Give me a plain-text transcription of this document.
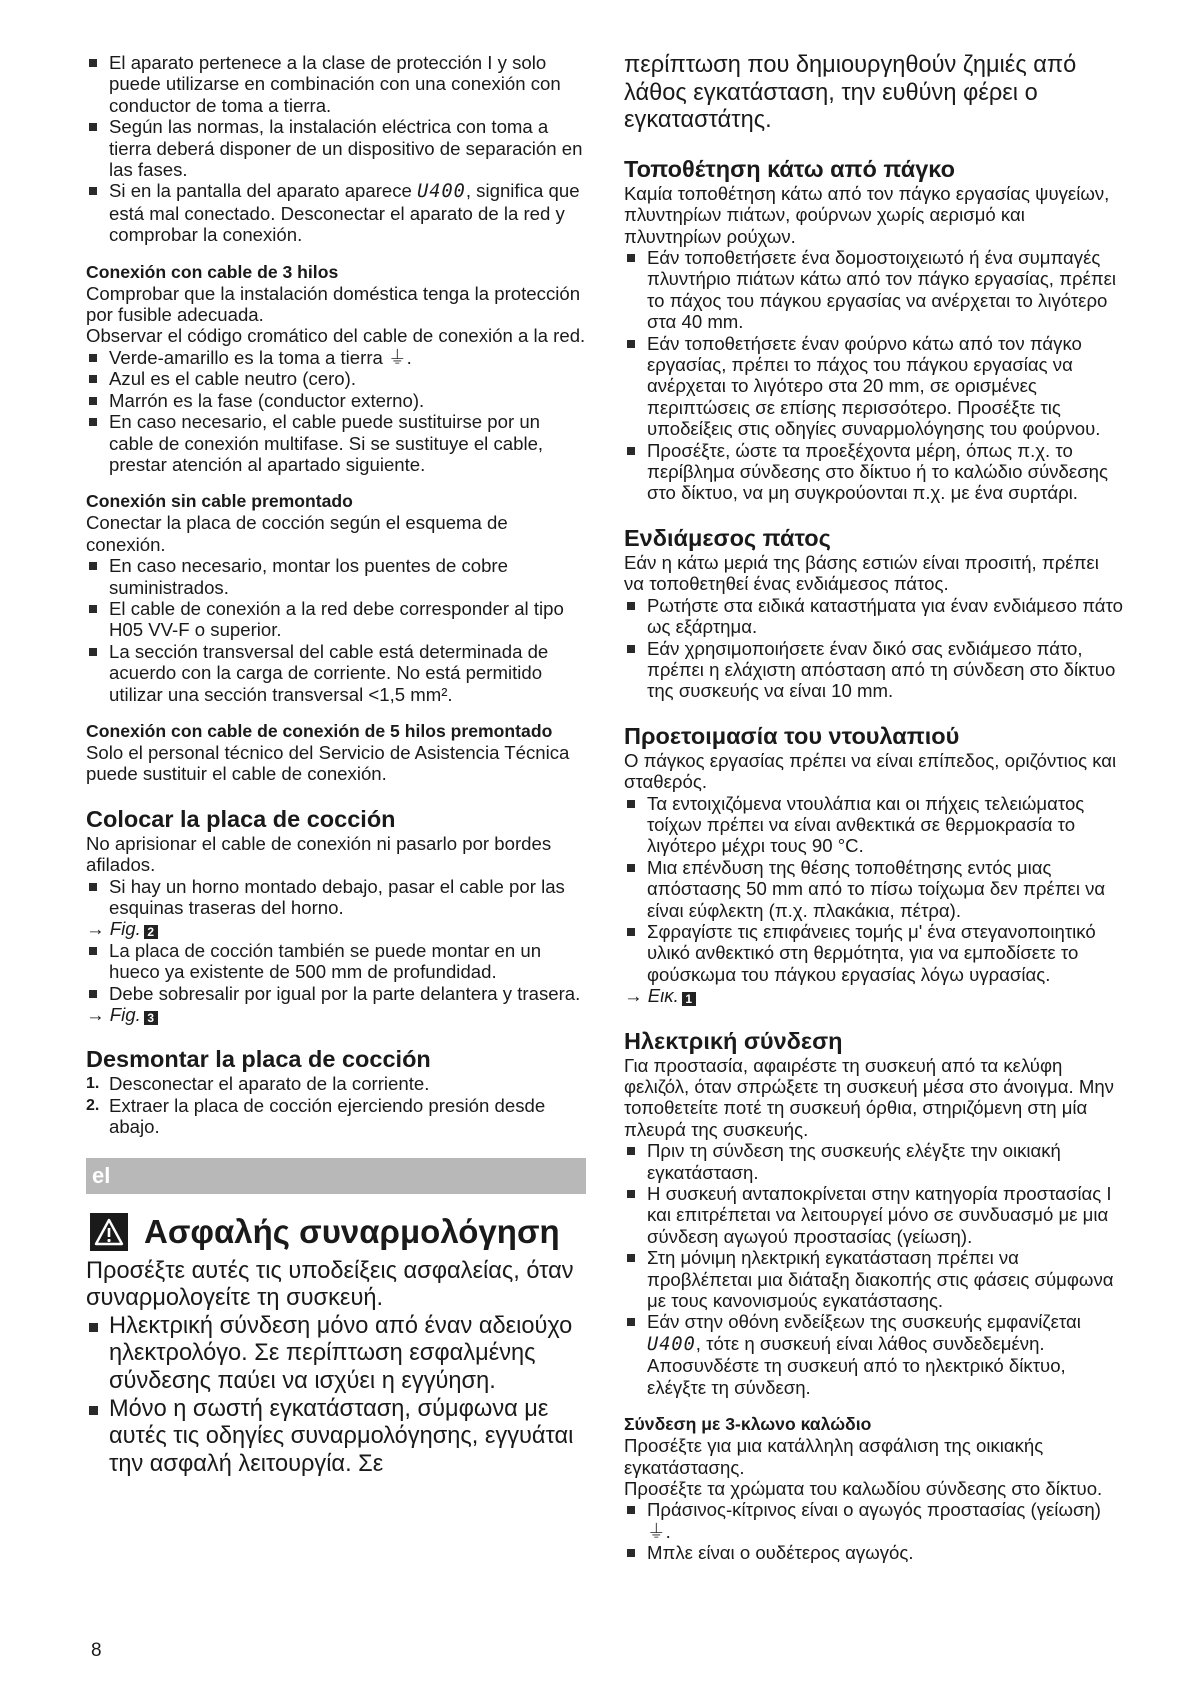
El aparato pertenece a la clase de protección I y solo puede utilizarse en combinación con una conexión con conductor de toma a tierra.
Según las normas, la instalación eléctrica con toma a tierra deberá disponer de un dispositivo de separación en las fases.
Si en la pantalla del aparato aparece U400, significa que está mal conectado. Desconectar el aparato de la red y comprobar la conexión.
Conexión con cable de 3 hilos

Comprobar que la instalación doméstica tenga la protección por fusible adecuada.

Observar el código cromático del cable de conexión a la red.

Verde-amarillo es la toma a tierra ⏚.
Azul es el cable neutro (cero).
Marrón es la fase (conductor externo).
En caso necesario, el cable puede sustituirse por un cable de conexión multifase. Si se sustituye el cable, prestar atención al apartado siguiente.
Conexión sin cable premontado

Conectar la placa de cocción según el esquema de conexión.

En caso necesario, montar los puentes de cobre suministrados.
El cable de conexión a la red debe corresponder al tipo H05 VV-F o superior.
La sección transversal del cable está determinada de acuerdo con la carga de corriente. No está permitido utilizar una sección transversal <1,5 mm².
Conexión con cable de conexión de 5 hilos premontado

Solo el personal técnico del Servicio de Asistencia Técnica puede sustituir el cable de conexión.

Colocar la placa de cocción

No aprisionar el cable de conexión ni pasarlo por bordes afilados.

Si hay un horno montado debajo, pasar el cable por las esquinas traseras del horno.

→ Fig. 2

La placa de cocción también se puede montar en un hueco ya existente de 500 mm de profundidad.
Debe sobresalir por igual por la parte delantera y trasera.

→ Fig. 3

Desmontar la placa de cocción
1. Desconectar el aparato de la corriente.
2. Extraer la placa de cocción ejerciendo presión desde abajo.
el
Ασφαλής συναρμολόγηση

Προσέξτε αυτές τις υποδείξεις ασφαλείας, όταν συναρμολογείτε τη συσκευή.

Ηλεκτρική σύνδεση μόνο από έναν αδειούχο ηλεκτρολόγο. Σε περίπτωση εσφαλμένης σύνδεσης παύει να ισχύει η εγγύηση.
Μόνο η σωστή εγκατάσταση, σύμφωνα με αυτές τις οδηγίες συναρμολόγησης, εγγυάται την ασφαλή λειτουργία. Σε

περίπτωση που δημιουργηθούν ζημιές από λάθος εγκατάσταση, την ευθύνη φέρει ο εγκαταστάτης.

Τοποθέτηση κάτω από πάγκο

Καμία τοποθέτηση κάτω από τον πάγκο εργασίας ψυγείων, πλυντηρίων πιάτων, φούρνων χωρίς αερισμό και πλυντηρίων ρούχων.

Εάν τοποθετήσετε ένα δομοστοιχειωτό ή ένα συμπαγές πλυντήριο πιάτων κάτω από τον πάγκο εργασίας, πρέπει το πάχος του πάγκου εργασίας να ανέρχεται το λιγότερο στα 40 mm.
Εάν τοποθετήσετε έναν φούρνο κάτω από τον πάγκο εργασίας, πρέπει το πάχος του πάγκου εργασίας να ανέρχεται το λιγότερο στα 20 mm, σε ορισμένες περιπτώσεις σε επίσης περισσότερο. Προσέξτε τις υποδείξεις στις οδηγίες συναρμολόγησης του φούρνου.
Προσέξτε, ώστε τα προεξέχοντα μέρη, όπως π.χ. το περίβλημα σύνδεσης στο δίκτυο ή το καλώδιο σύνδεσης στο δίκτυο, να μη συγκρούονται π.χ. με ένα συρτάρι.
Ενδιάμεσος πάτος

Εάν η κάτω μεριά της βάσης εστιών είναι προσιτή, πρέπει να τοποθετηθεί ένας ενδιάμεσος πάτος.

Ρωτήστε στα ειδικά καταστήματα για έναν ενδιάμεσο πάτο ως εξάρτημα.
Εάν χρησιμοποιήσετε έναν δικό σας ενδιάμεσο πάτο, πρέπει η ελάχιστη απόσταση από τη σύνδεση στο δίκτυο της συσκευής να είναι 10 mm.
Προετοιμασία του ντουλαπιού

Ο πάγκος εργασίας πρέπει να είναι επίπεδος, οριζόντιος και σταθερός.

Τα εντοιχιζόμενα ντουλάπια και οι πήχεις τελειώματος τοίχων πρέπει να είναι ανθεκτικά σε θερμοκρασία το λιγότερο μέχρι τους 90 °C.
Μια επένδυση της θέσης τοποθέτησης εντός μιας απόστασης 50 mm από το πίσω τοίχωμα δεν πρέπει να είναι εύφλεκτη (π.χ. πλακάκια, πέτρα).
Σφραγίστε τις επιφάνειες τομής μ' ένα στεγανοποιητικό υλικό ανθεκτικό στη θερμότητα, για να εμποδίσετε το φούσκωμα του πάγκου εργασίας λόγω υγρασίας.

→ Εικ. 1

Ηλεκτρική σύνδεση

Για προστασία, αφαιρέστε τη συσκευή από τα κελύφη φελιζόλ, όταν σπρώξετε τη συσκευή μέσα στο άνοιγμα. Μην τοποθετείτε ποτέ τη συσκευή όρθια, στηριζόμενη στη μία πλευρά της συσκευής.

Πριν τη σύνδεση της συσκευής ελέγξτε την οικιακή εγκατάσταση.
Η συσκευή ανταποκρίνεται στην κατηγορία προστασίας I και επιτρέπεται να λειτουργεί μόνο σε συνδυασμό με μια σύνδεση αγωγού προστασίας (γείωση).
Στη μόνιμη ηλεκτρική εγκατάσταση πρέπει να προβλέπεται μια διάταξη διακοπής στις φάσεις σύμφωνα με τους κανονισμούς εγκατάστασης.
Εάν στην οθόνη ενδείξεων της συσκευής εμφανίζεται U400, τότε η συσκευή είναι λάθος συνδεδεμένη. Αποσυνδέστε τη συσκευή από το ηλεκτρικό δίκτυο, ελέγξτε τη σύνδεση.
Σύνδεση με 3-κλωνο καλώδιο

Προσέξτε για μια κατάλληλη ασφάλιση της οικιακής εγκατάστασης.

Προσέξτε τα χρώματα του καλωδίου σύνδεσης στο δίκτυο.

Πράσινος-κίτρινος είναι ο αγωγός προστασίας (γείωση) ⏚.
Μπλε είναι ο ουδέτερος αγωγός.
8
